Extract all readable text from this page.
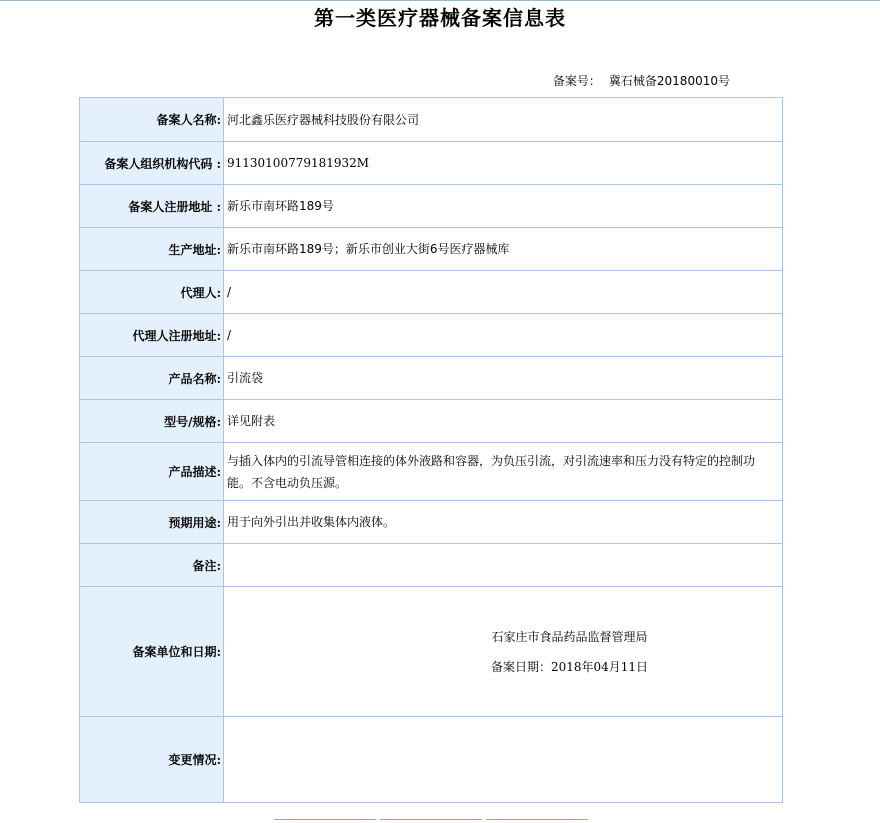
第一类医疗器械备案信息表
备案号： 冀石械备20180010号
备案人名称:	河北鑫乐医疗器械科技股份有限公司
备案人组织机构代码 :	91130100779181932M
备案人注册地址 :	新乐市南环路189号
生产地址:	新乐市南环路189号；新乐市创业大街6号医疗器械库
代理人:	/
代理人注册地址:	/
产品名称:	引流袋
型号/规格:	详见附表
产品描述:	与插入体内的引流导管相连接的体外液路和容器，为负压引流，对引流速率和压力没有特定的控制功能。不含电动负压源。
预期用途:	用于向外引出并收集体内液体。
备注:	
备案单位和日期:	石家庄市食品药品监督管理局
备案日期：2018年04月11日

变更情况:	
